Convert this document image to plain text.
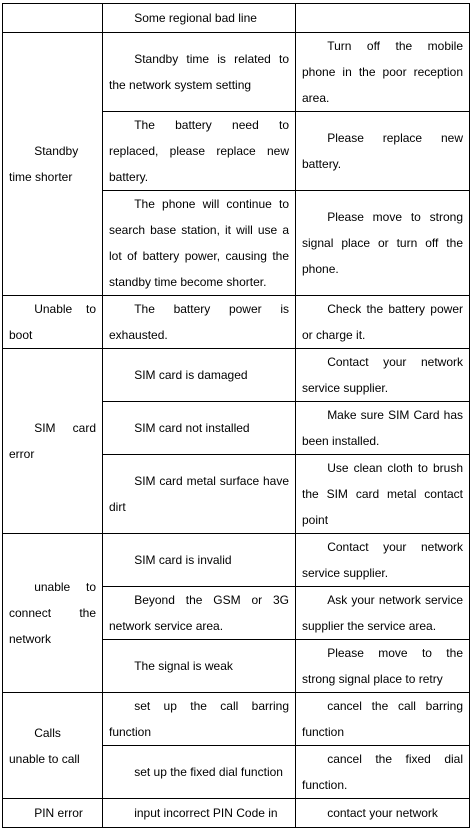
	Some regional bad line	

Standby time shorter	Standby time is related to the network system setting	Turn off the mobile phone in the poor reception area.
	The battery need to replaced, please replace new battery.	Please replace new battery.
	The phone will continue to search base station, it will use a lot of battery power, causing the standby time become shorter.	Please move to strong signal place or turn off the phone.

Unable to boot	The battery power is exhausted.	Check the battery power or charge it.

SIM card error	SIM card is damaged	Contact your network service supplier.
	SIM card not installed	Make sure SIM Card has been installed.
	SIM card metal surface have dirt	Use clean cloth to brush the SIM card metal contact point

unable to connect the network	SIM card is invalid	Contact your network service supplier.
	Beyond the GSM or 3G network service area.	Ask your network service supplier the service area.
	The signal is weak	Please move to the strong signal place to retry

Calls unable to call	set up the call barring function	cancel the call barring function
	set up the fixed dial function	cancel the fixed dial function.

PIN error	input incorrect PIN Code in	contact your network
